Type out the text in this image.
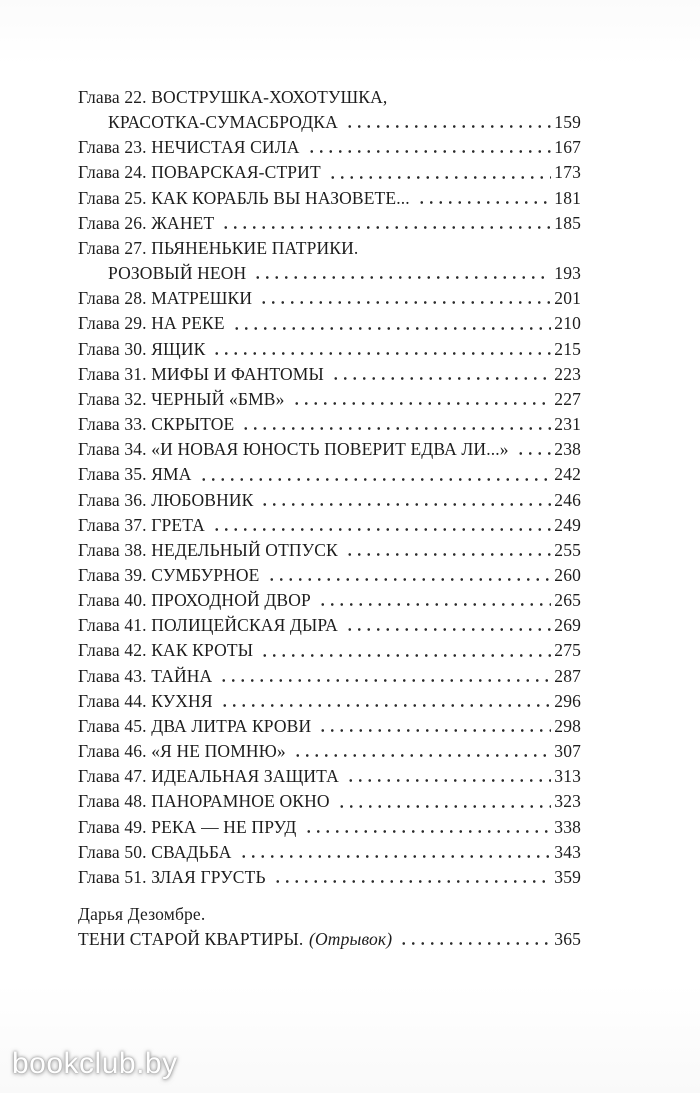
Глава 22. ВОСТРУШКА-ХОХОТУШКА,
КРАСОТКА-СУМАСБРОДКА	159
Глава 23. НЕЧИСТАЯ СИЛА	167
Глава 24. ПОВАРСКАЯ-СТРИТ	173
Глава 25. КАК КОРАБЛЬ ВЫ НАЗОВЕТЕ...	181
Глава 26. ЖАНЕТ	185
Глава 27. ПЬЯНЕНЬКИЕ ПАТРИКИ.
РОЗОВЫЙ НЕОН	193
Глава 28. МАТРЕШКИ	201
Глава 29. НА РЕКЕ	210
Глава 30. ЯЩИК	215
Глава 31. МИФЫ И ФАНТОМЫ	223
Глава 32. ЧЕРНЫЙ «БМВ»	227
Глава 33. СКРЫТОЕ	231
Глава 34. «И НОВАЯ ЮНОСТЬ ПОВЕРИТ ЕДВА ЛИ...»	238
Глава 35. ЯМА	242
Глава 36. ЛЮБОВНИК	246
Глава 37. ГРЕТА	249
Глава 38. НЕДЕЛЬНЫЙ ОТПУСК	255
Глава 39. СУМБУРНОЕ	260
Глава 40. ПРОХОДНОЙ ДВОР	265
Глава 41. ПОЛИЦЕЙСКАЯ ДЫРА	269
Глава 42. КАК КРОТЫ	275
Глава 43. ТАЙНА	287
Глава 44. КУХНЯ	296
Глава 45. ДВА ЛИТРА КРОВИ	298
Глава 46. «Я НЕ ПОМНЮ»	307
Глава 47. ИДЕАЛЬНАЯ ЗАЩИТА	313
Глава 48. ПАНОРАМНОЕ ОКНО	323
Глава 49. РЕКА — НЕ ПРУД	338
Глава 50. СВАДЬБА	343
Глава 51. ЗЛАЯ ГРУСТЬ	359
Дарья Дезомбре.
ТЕНИ СТАРОЙ КВАРТИРЫ. (Отрывок)	365
bookclub.by
